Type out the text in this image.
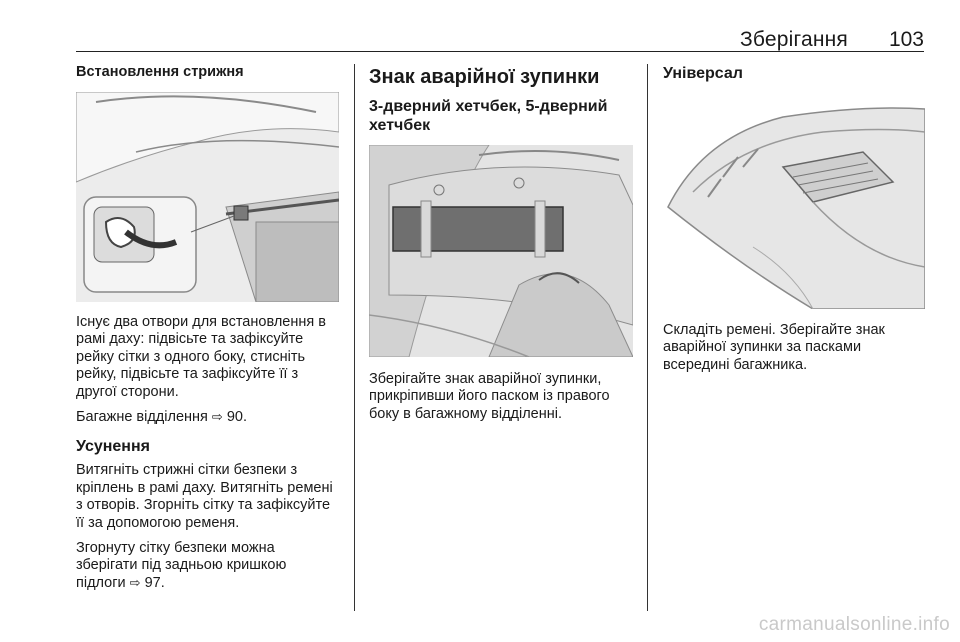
Зберігання 103
Встановлення стрижня

Існує два отвори для встановлення в рамі даху: підвісьте та зафіксуйте рейку сітки з одного боку, стисніть рейку, підвісьте та зафіксуйте її з другої сторони.

Багажне відділення ⇨ 90.

Усунення

Витягніть стрижні сітки безпеки з кріплень в рамі даху. Витягніть ремені з отворів. Згорніть сітку та зафіксуйте її за допомогою ременя.

Згорнуту сітку безпеки можна зберігати під задньою кришкою підлоги ⇨ 97.

Знак аварійної зупинки
3-дверний хетчбек, 5-дверний хетчбек

Зберігайте знак аварійної зупинки, прикріпивши його паском із правого боку в багажному відділенні.

Універсал

Складіть ремені. Зберігайте знак аварійної зупинки за пасками всередині багажника.

carmanualsonline.info
